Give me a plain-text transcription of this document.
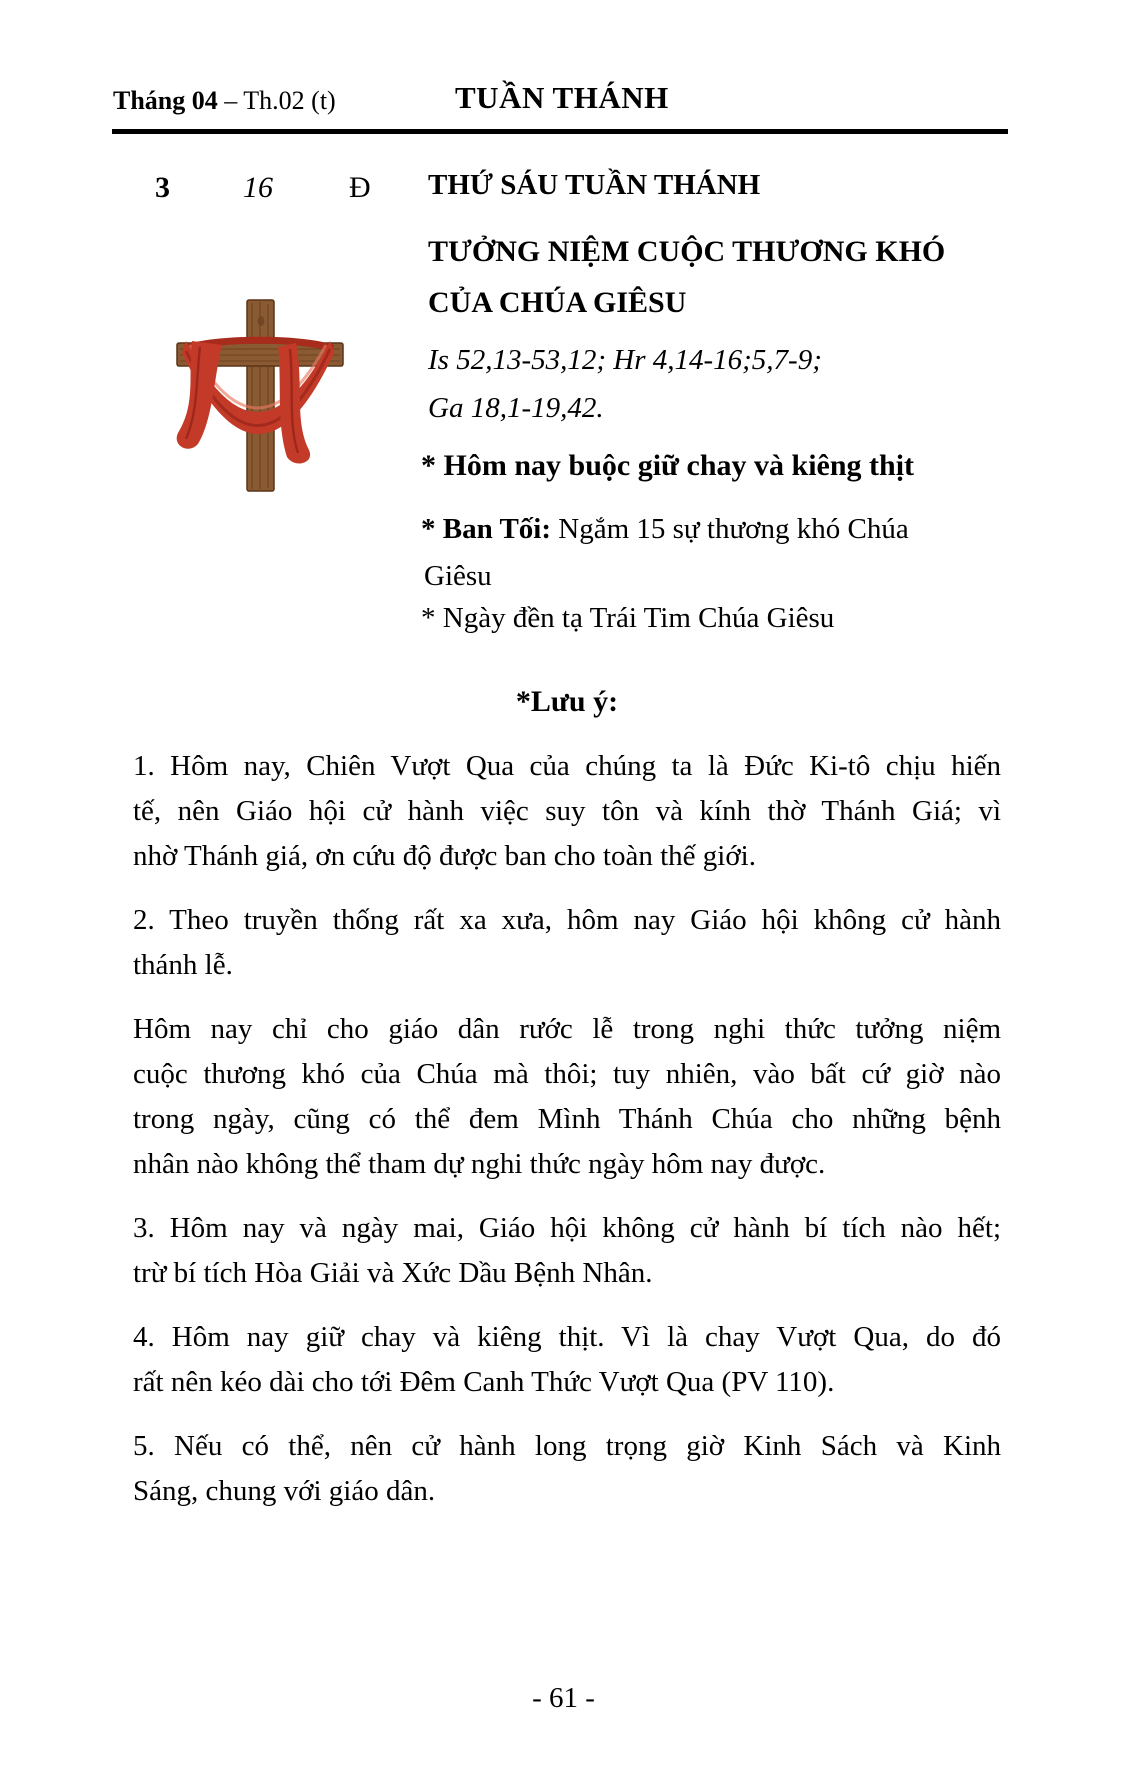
Tháng 04 – Th.02 (t)	TUẦN THÁNH
3 16	Đ THỨ SÁU TUẦN THÁNH
TƯỞNG NIỆM CUỘC THƯƠNG KHÓ
CỦA CHÚA GIÊSU
Is 52,13-53,12; Hr 4,14-16;5,7-9;
Ga 18,1-19,42.
* Hôm nay buộc giữ chay và kiêng thịt
* Ban Tối: Ngắm 15 sự thương khó Chúa
Giêsu
* Ngày đền tạ Trái Tim Chúa Giêsu
*Lưu ý:

1. Hôm nay, Chiên Vượt Qua của chúng ta là Đức Ki-tô chịu hiến
tế, nên Giáo hội cử hành việc suy tôn và kính thờ Thánh Giá; vì
nhờ Thánh giá, ơn cứu độ được ban cho toàn thế giới.

2. Theo truyền thống rất xa xưa, hôm nay Giáo hội không cử hành
thánh lễ.

Hôm nay chỉ cho giáo dân rước lễ trong nghi thức tưởng niệm
cuộc thương khó của Chúa mà thôi; tuy nhiên, vào bất cứ giờ nào
trong ngày, cũng có thể đem Mình Thánh Chúa cho những bệnh
nhân nào không thể tham dự nghi thức ngày hôm nay được.

3. Hôm nay và ngày mai, Giáo hội không cử hành bí tích nào hết;
trừ bí tích Hòa Giải và Xức Dầu Bệnh Nhân.

4. Hôm nay giữ chay và kiêng thịt. Vì là chay Vượt Qua, do đó
rất nên kéo dài cho tới Đêm Canh Thức Vượt Qua (PV 110).

5. Nếu có thể, nên cử hành long trọng giờ Kinh Sách và Kinh
Sáng, chung với giáo dân.

- 61 -
